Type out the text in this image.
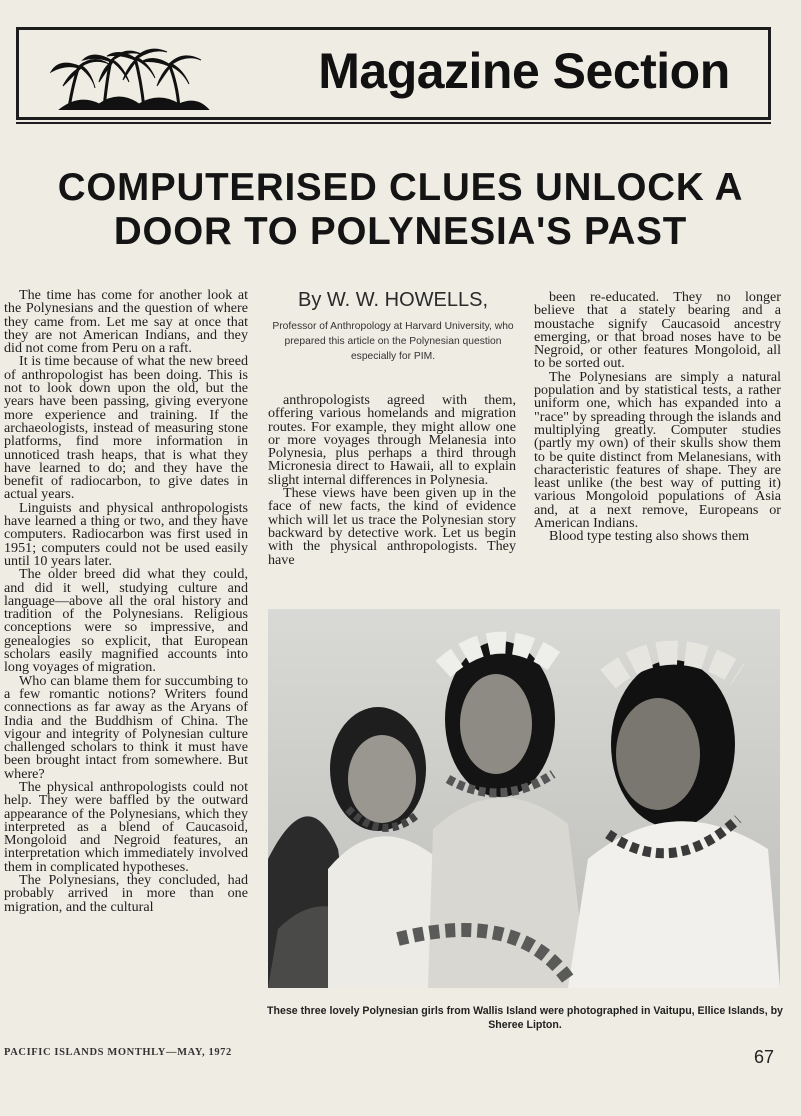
Magazine Section
COMPUTERISED CLUES UNLOCK A DOOR TO POLYNESIA'S PAST

The time has come for another look at the Polynesians and the question of where they came from. Let me say at once that they are not American Indians, and they did not come from Peru on a raft.

It is time because of what the new breed of anthropologist has been doing. This is not to look down upon the old, but the years have been passing, giving everyone more experience and training. If the archaeologists, instead of measuring stone platforms, find more information in unnoticed trash heaps, that is what they have learned to do; and they have the benefit of radiocarbon, to give dates in actual years.

Linguists and physical anthropologists have learned a thing or two, and they have computers. Radiocarbon was first used in 1951; computers could not be used easily until 10 years later.

The older breed did what they could, and did it well, studying culture and language—above all the oral history and tradition of the Polynesians. Religious conceptions were so impressive, and genealogies so explicit, that European scholars easily magnified accounts into long voyages of migration.

Who can blame them for succumbing to a few romantic notions? Writers found connections as far away as the Aryans of India and the Buddhism of China. The vigour and integrity of Polynesian culture challenged scholars to think it must have been brought intact from somewhere. But where?

The physical anthropologists could not help. They were baffled by the outward appearance of the Polynesians, which they interpreted as a blend of Caucasoid, Mongoloid and Negroid features, an interpretation which immediately involved them in complicated hypotheses.

The Polynesians, they concluded, had probably arrived in more than one migration, and the cultural

By W. W. HOWELLS,
Professor of Anthropology at Harvard University, who prepared this article on the Polynesian question especially for PIM.

anthropologists agreed with them, offering various homelands and migration routes. For example, they might allow one or more voyages through Melanesia into Polynesia, plus perhaps a third through Micronesia direct to Hawaii, all to explain slight internal differences in Polynesia.

These views have been given up in the face of new facts, the kind of evidence which will let us trace the Polynesian story backward by detective work. Let us begin with the physical anthropologists. They have

been re-educated. They no longer believe that a stately bearing and a moustache signify Caucasoid ancestry emerging, or that broad noses have to be Negroid, or other features Mongoloid, all to be sorted out.

The Polynesians are simply a natural population and by statistical tests, a rather uniform one, which has expanded into a "race" by spreading through the islands and multiplying greatly. Computer studies (partly my own) of their skulls show them to be quite distinct from Melanesians, with characteristic features of shape. They are least unlike (the best way of putting it) various Mongoloid populations of Asia and, at a next remove, Europeans or American Indians.

Blood type testing also shows them

These three lovely Polynesian girls from Wallis Island were photographed in Vaitupu, Ellice Islands, by Sheree Lipton.
PACIFIC ISLANDS MONTHLY—MAY, 1972	67
